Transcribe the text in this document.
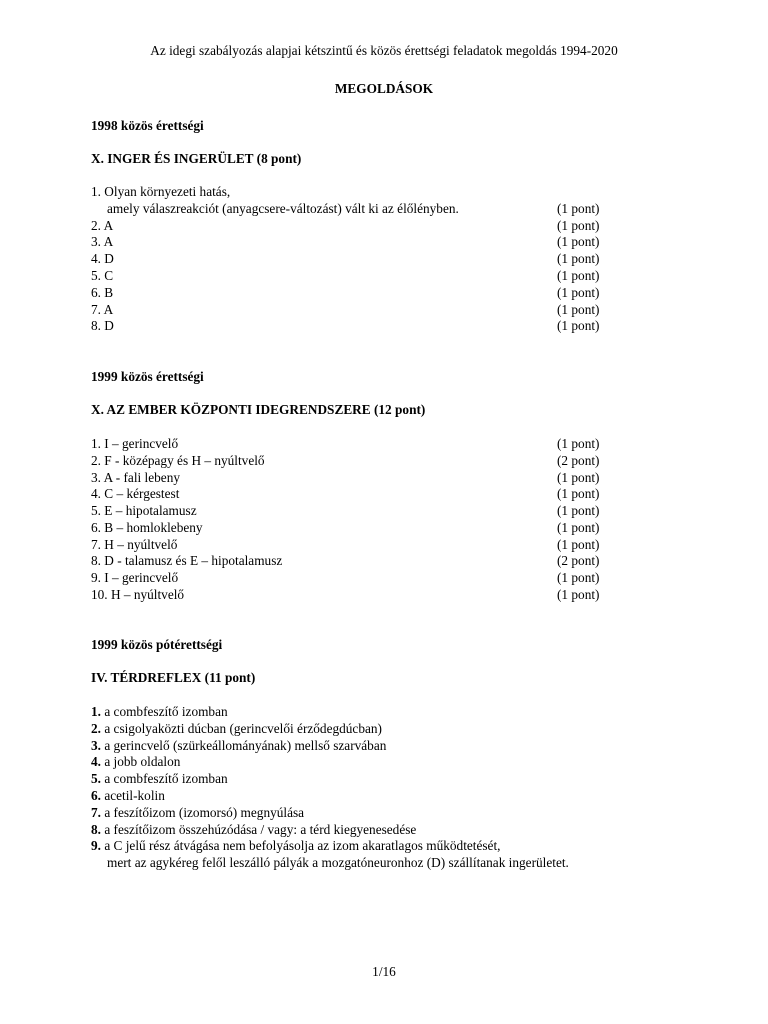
Az idegi szabályozás alapjai kétszintű és közös érettségi feladatok megoldás 1994-2020
MEGOLDÁSOK
1998 közös érettségi
X. INGER ÉS INGERÜLET (8 pont)
1. Olyan környezeti hatás,
amely válaszreakciót (anyagcsere-változást) vált ki az élőlényben.	(1 pont)
2. A	(1 pont)
3. A	(1 pont)
4. D	(1 pont)
5. C	(1 pont)
6. B	(1 pont)
7. A	(1 pont)
8. D	(1 pont)
1999 közös érettségi
X. AZ EMBER KÖZPONTI IDEGRENDSZERE (12 pont)
1. I – gerincvelő	(1 pont)
2. F - középagy és H – nyúltvelő	(2 pont)
3. A - fali lebeny	(1 pont)
4. C – kérgestest	(1 pont)
5. E – hipotalamusz	(1 pont)
6. B – homloklebeny	(1 pont)
7. H – nyúltvelő	(1 pont)
8. D - talamusz és E – hipotalamusz	(2 pont)
9. I – gerincvelő	(1 pont)
10. H – nyúltvelő	(1 pont)
1999 közös pótérettségi
IV. TÉRDREFLEX (11 pont)
1. a combfeszítő izomban
2. a csigolyaközti dúcban (gerincvelői érződegdúcban)
3. a gerincvelő (szürkeállományának) mellső szarvában
4. a jobb oldalon
5. a combfeszítő izomban
6. acetil-kolin
7. a feszítőizom (izomorsó) megnyúlása
8. a feszítőizom összehúzódása / vagy: a térd kiegyenesedése
9. a C jelű rész átvágása nem befolyásolja az izom akaratlagos működtetését,
mert az agykéreg felől leszálló pályák a mozgatóneuronhoz (D) szállítanak ingerületet.
1/16
